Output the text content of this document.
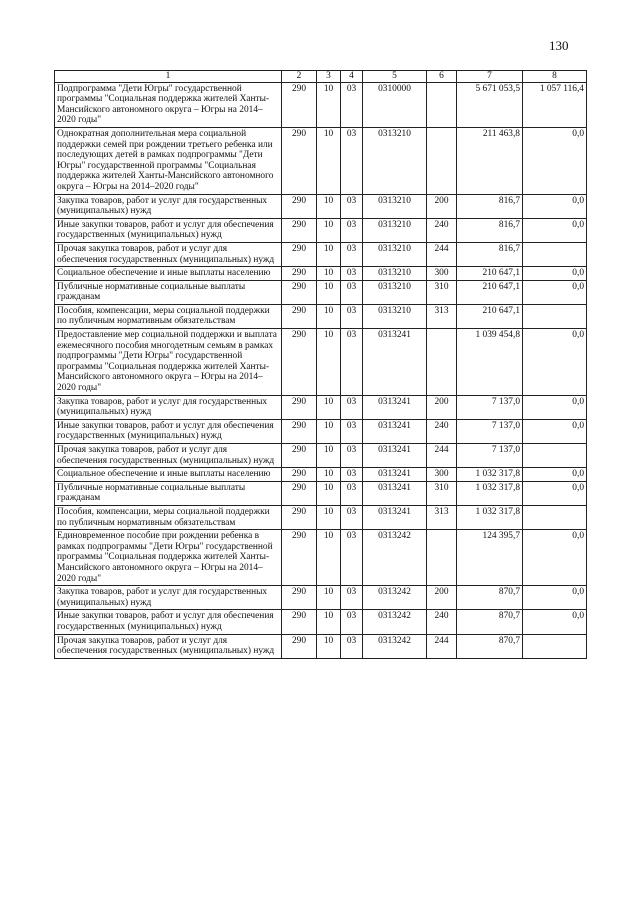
130
1	2	3	4	5	6	7	8
Подпрограмма "Дети Югры" государственной программы "Социальная поддержка жителей Ханты-Мансийского автономного округа – Югры на 2014–2020 годы"	290	10	03	0310000		5 671 053,5	1 057 116,4
Однократная дополнительная мера социальной поддержки семей при рождении третьего ребенка или последующих детей в рамках подпрограммы "Дети Югры" государственной программы "Социальная поддержка жителей Ханты-Мансийского автономного округа – Югры на 2014–2020 годы"	290	10	03	0313210		211 463,8	0,0
Закупка товаров, работ и услуг для государственных (муниципальных) нужд	290	10	03	0313210	200	816,7	0,0
Иные закупки товаров, работ и услуг для обеспечения государственных (муниципальных) нужд	290	10	03	0313210	240	816,7	0,0
Прочая закупка товаров, работ и услуг для обеспечения государственных (муниципальных) нужд	290	10	03	0313210	244	816,7	
Социальное обеспечение и иные выплаты населению	290	10	03	0313210	300	210 647,1	0,0
Публичные нормативные социальные выплаты гражданам	290	10	03	0313210	310	210 647,1	0,0
Пособия, компенсации, меры социальной поддержки по публичным нормативным обязательствам	290	10	03	0313210	313	210 647,1	
Предоставление мер социальной поддержки и выплата ежемесячного пособия многодетным семьям в рамках подпрограммы "Дети Югры" государственной программы "Социальная поддержка жителей Ханты-Мансийского автономного округа – Югры на 2014–2020 годы"	290	10	03	0313241		1 039 454,8	0,0
Закупка товаров, работ и услуг для государственных (муниципальных) нужд	290	10	03	0313241	200	7 137,0	0,0
Иные закупки товаров, работ и услуг для обеспечения государственных (муниципальных) нужд	290	10	03	0313241	240	7 137,0	0,0
Прочая закупка товаров, работ и услуг для обеспечения государственных (муниципальных) нужд	290	10	03	0313241	244	7 137,0	
Социальное обеспечение и иные выплаты населению	290	10	03	0313241	300	1 032 317,8	0,0
Публичные нормативные социальные выплаты гражданам	290	10	03	0313241	310	1 032 317,8	0,0
Пособия, компенсации, меры социальной поддержки по публичным нормативным обязательствам	290	10	03	0313241	313	1 032 317,8	
Единовременное пособие при рождении ребенка в рамках подпрограммы "Дети Югры" государственной программы "Социальная поддержка жителей Ханты-Мансийского автономного округа – Югры на 2014–2020 годы"	290	10	03	0313242		124 395,7	0,0
Закупка товаров, работ и услуг для государственных (муниципальных) нужд	290	10	03	0313242	200	870,7	0,0
Иные закупки товаров, работ и услуг для обеспечения государственных (муниципальных) нужд	290	10	03	0313242	240	870,7	0,0
Прочая закупка товаров, работ и услуг для обеспечения государственных (муниципальных) нужд	290	10	03	0313242	244	870,7	
